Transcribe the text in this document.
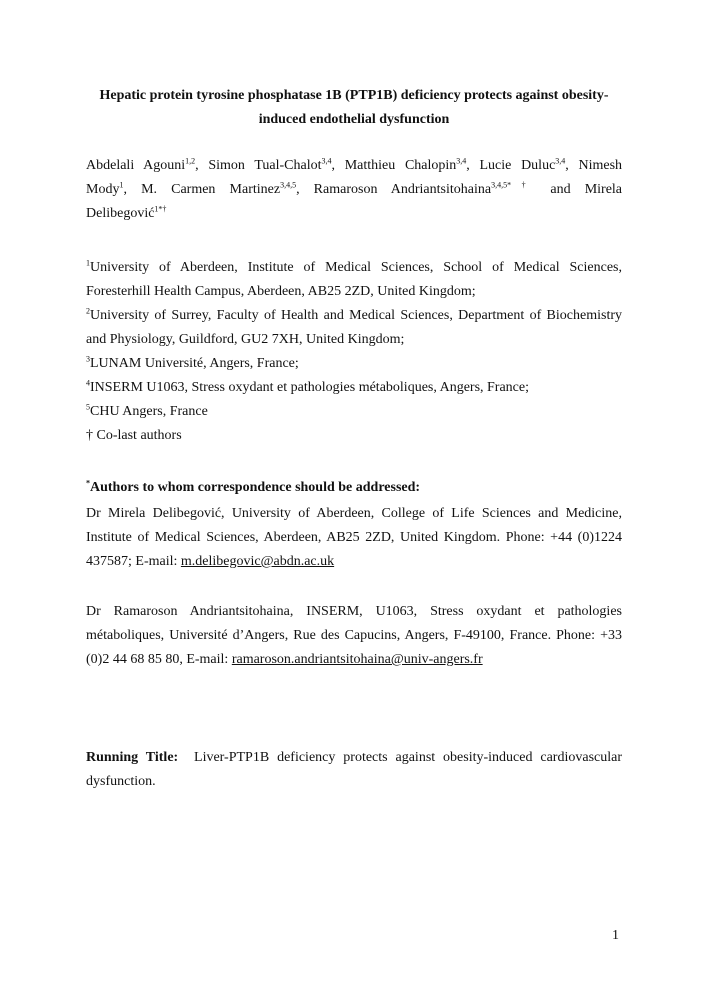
Hepatic protein tyrosine phosphatase 1B (PTP1B) deficiency protects against obesity-
induced endothelial dysfunction
Abdelali Agouni$^{1,2}$, Simon Tual-Chalot$^{3,4}$, Matthieu Chalopin$^{3,4}$, Lucie Duluc$^{3,4}$, Nimesh
Mody$^1$, M. Carmen Martinez$^{3,4,5}$, Ramaroson Andriantsitohaina$^{3,4,5*\dagger}$ and Mirela
Delibegović$^{1*\dagger}$
$^1$University of Aberdeen, Institute of Medical Sciences, School of Medical Sciences, Foresterhill Health Campus, Aberdeen, AB25 2ZD, United Kingdom;
$^2$University of Surrey, Faculty of Health and Medical Sciences, Department of Biochemistry and Physiology, Guildford, GU2 7XH, United Kingdom;
$^3$LUNAM Université, Angers, France;
$^4$INSERM U1063, Stress oxydant et pathologies métaboliques, Angers, France;
$^5$CHU Angers, France
† Co-last authors
*Authors to whom correspondence should be addressed:
Dr Mirela Delibegović, University of Aberdeen, College of Life Sciences and Medicine, Institute of Medical Sciences, Aberdeen, AB25 2ZD, United Kingdom. Phone: +44 (0)1224 437587; E-mail: m.delibegovic@abdn.ac.uk
Dr Ramaroson Andriantsitohaina, INSERM, U1063, Stress oxydant et pathologies métaboliques, Université d’Angers, Rue des Capucins, Angers, F-49100, France. Phone: +33 (0)2 44 68 85 80, E-mail: ramaroson.andriantsitohaina@univ-angers.fr
Running Title: Liver-PTP1B deficiency protects against obesity-induced cardiovascular dysfunction.
1
